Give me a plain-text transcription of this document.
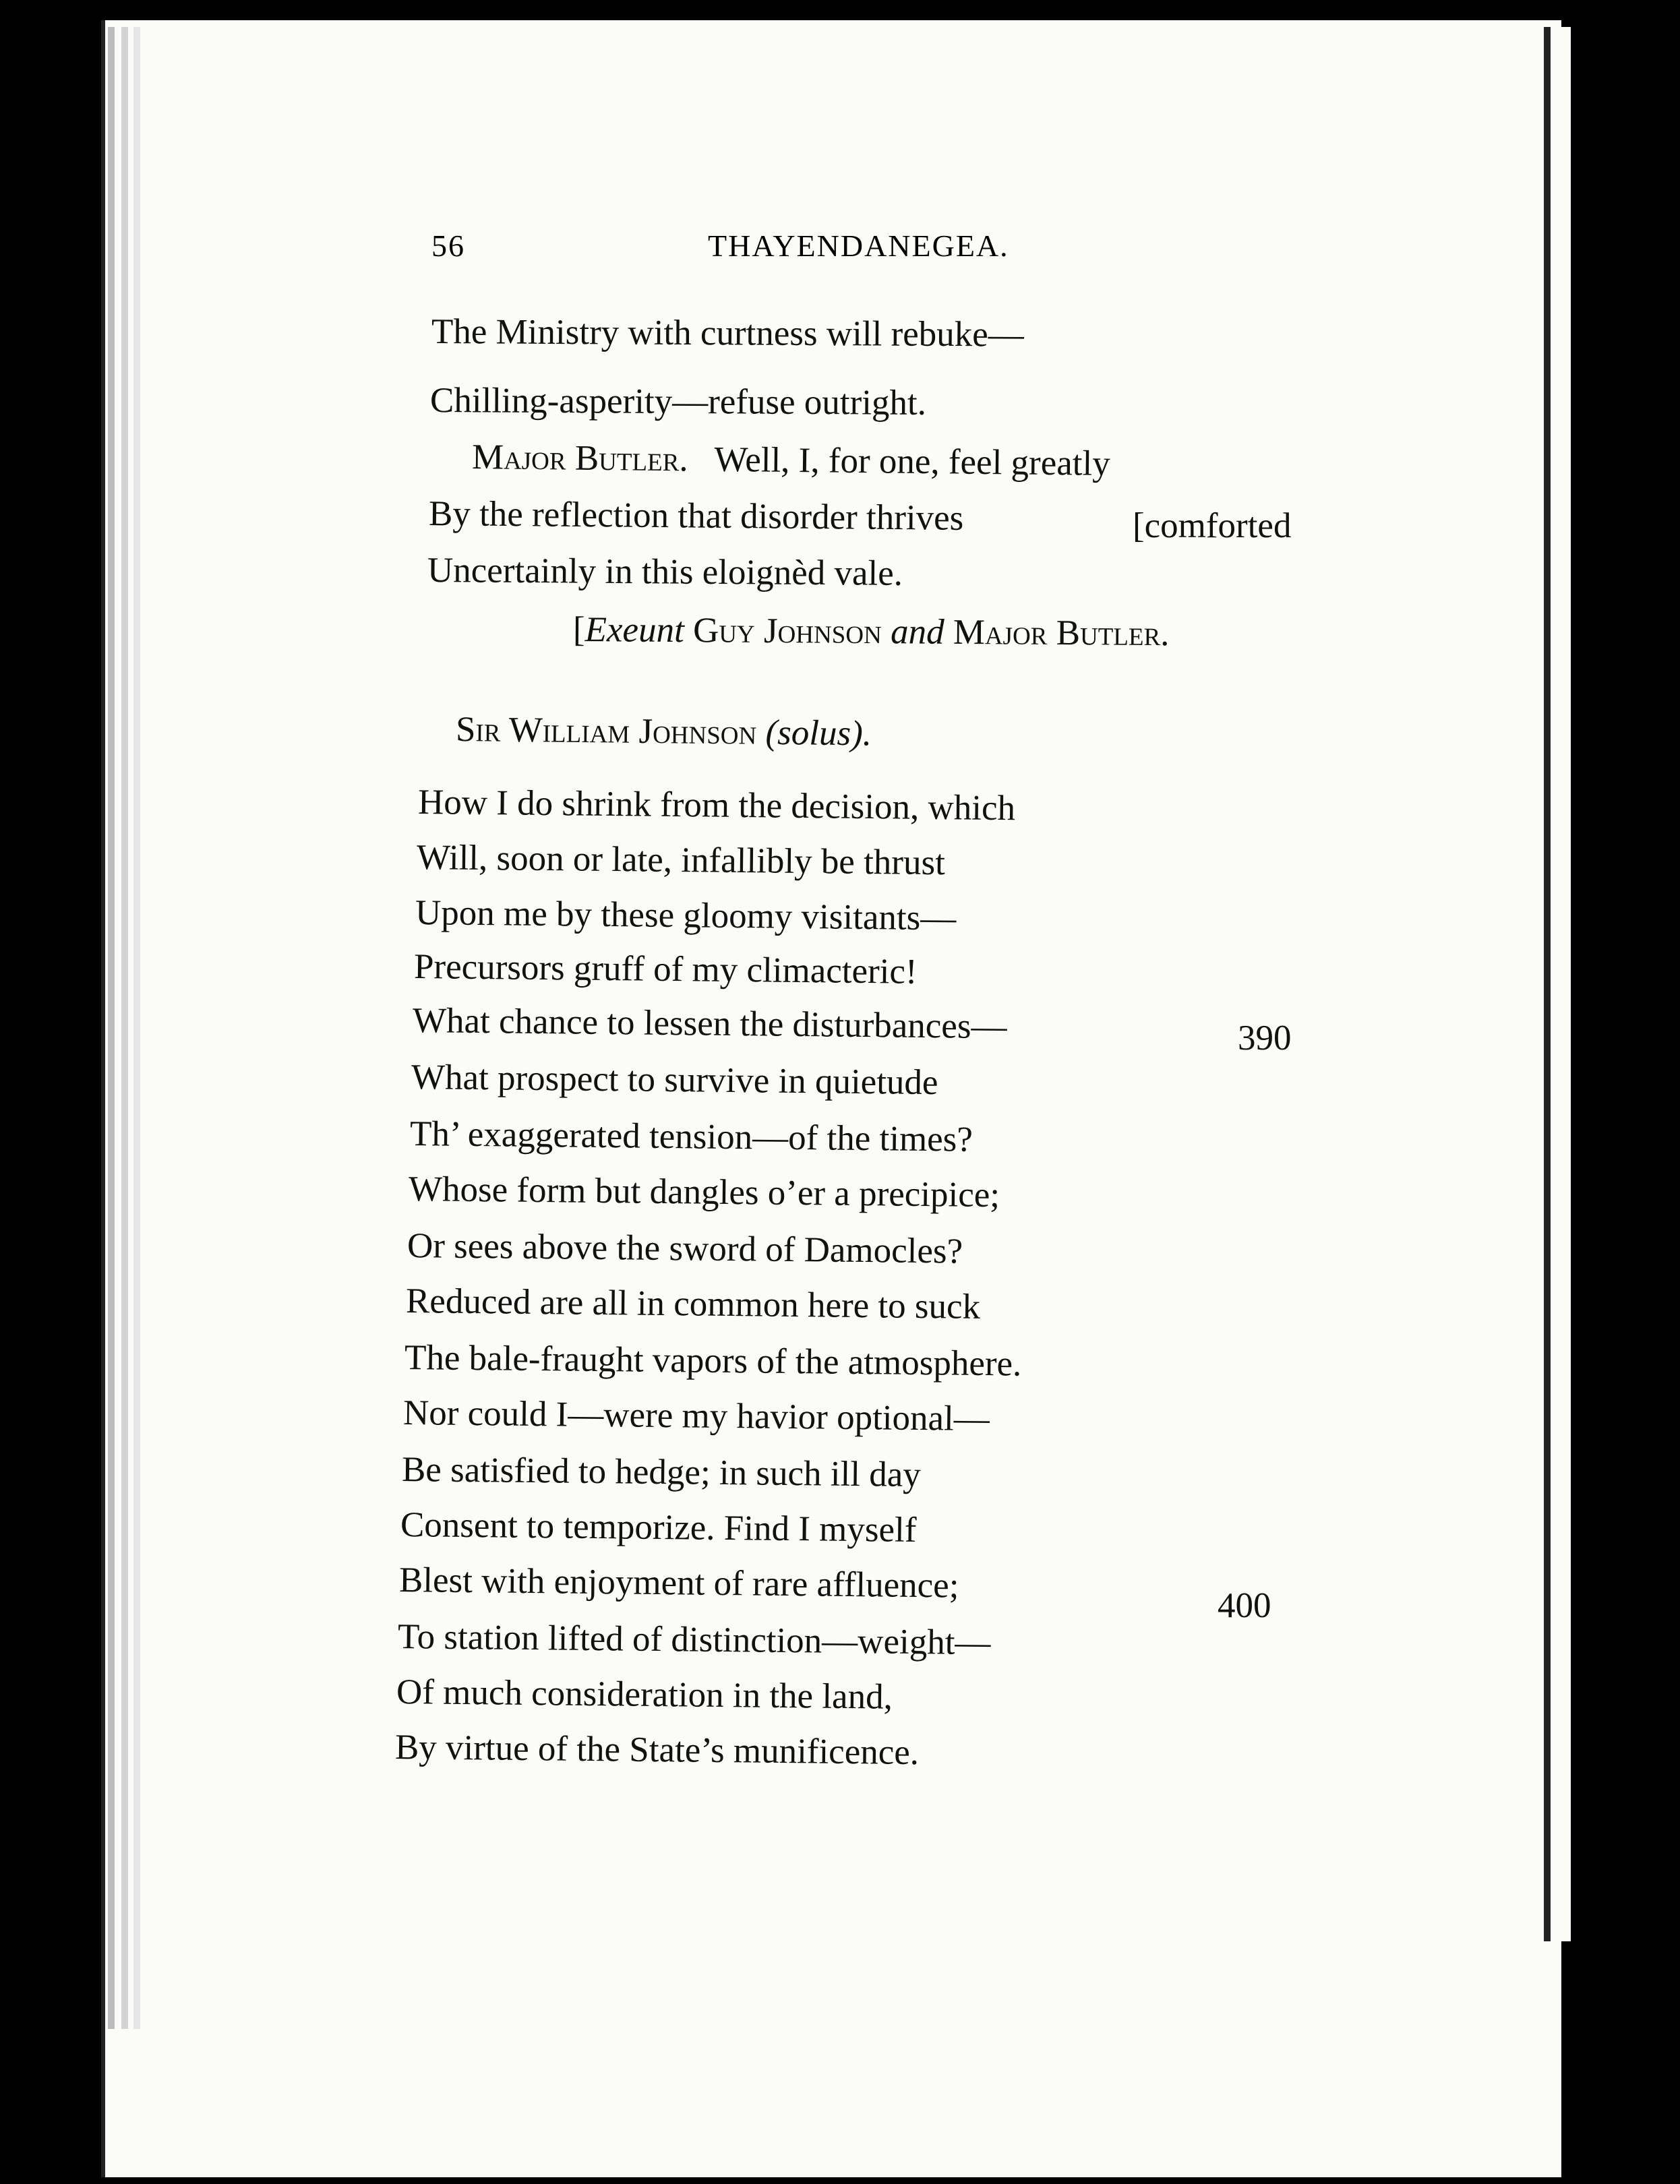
56	THAYENDANEGEA.
The Ministry with curtness will rebuke—
Chilling-asperity—refuse outright.
Major Butler. Well, I, for one, feel greatly
By the reflection that disorder thrives	[comforted
Uncertainly in this eloignèd vale.
[Exeunt Guy Johnson and Major Butler.
Sir William Johnson (solus).
How I do shrink from the decision, which
Will, soon or late, infallibly be thrust
Upon me by these gloomy visitants—
Precursors gruff of my climacteric!
What chance to lessen the disturbances—	390
What prospect to survive in quietude
Th’ exaggerated tension—of the times?
Whose form but dangles o’er a precipice;
Or sees above the sword of Damocles?
Reduced are all in common here to suck
The bale-fraught vapors of the atmosphere.
Nor could I—were my havior optional—
Be satisfied to hedge; in such ill day
Consent to temporize. Find I myself
Blest with enjoyment of rare affluence;
400
To station lifted of distinction—weight—
Of much consideration in the land,
By virtue of the State’s munificence.
